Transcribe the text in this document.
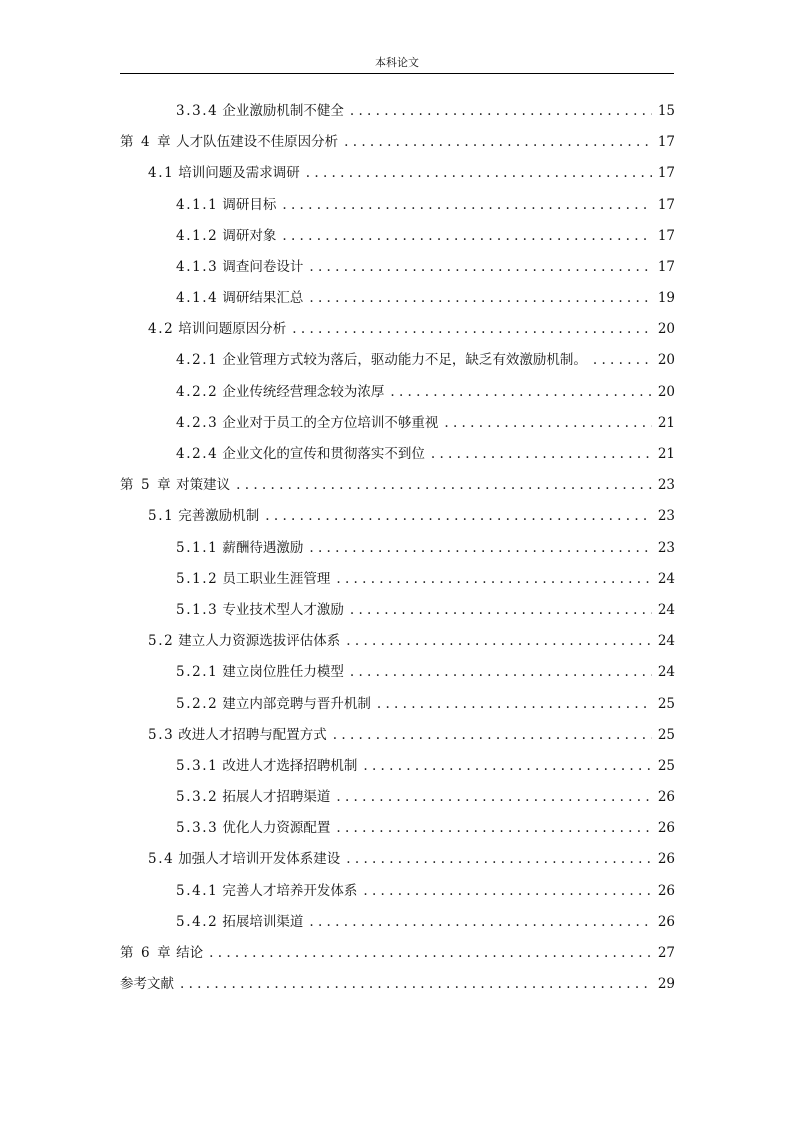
本科论文
3.3.4 企业激励机制不健全 . . .	15
第 4 章 人才队伍建设不佳原因分析 . . .	17
4.1 培训问题及需求调研 . . .	17
4.1.1 调研目标 . . .	17
4.1.2 调研对象 . . .	17
4.1.3 调查问卷设计 . . .	17
4.1.4 调研结果汇总 . . .	19
4.2 培训问题原因分析 . . .	20
4.2.1 企业管理方式较为落后，驱动能力不足，缺乏有效激励机制。 . . .	20
4.2.2 企业传统经营理念较为浓厚 . . .	20
4.2.3 企业对于员工的全方位培训不够重视 . . .	21
4.2.4 企业文化的宣传和贯彻落实不到位 . . .	21
第 5 章 对策建议 . . .	23
5.1 完善激励机制 . . .	23
5.1.1 薪酬待遇激励 . . .	23
5.1.2 员工职业生涯管理 . . .	24
5.1.3 专业技术型人才激励 . . .	24
5.2 建立人力资源选拔评估体系 . . .	24
5.2.1 建立岗位胜任力模型 . . .	24
5.2.2 建立内部竞聘与晋升机制 . . .	25
5.3 改进人才招聘与配置方式 . . .	25
5.3.1 改进人才选择招聘机制 . . .	25
5.3.2 拓展人才招聘渠道 . . .	26
5.3.3 优化人力资源配置 . . .	26
5.4 加强人才培训开发体系建设 . . .	26
5.4.1 完善人才培养开发体系 . . .	26
5.4.2 拓展培训渠道 . . .	26
第 6 章 结论 . . .	27
参考文献 . . .	29
